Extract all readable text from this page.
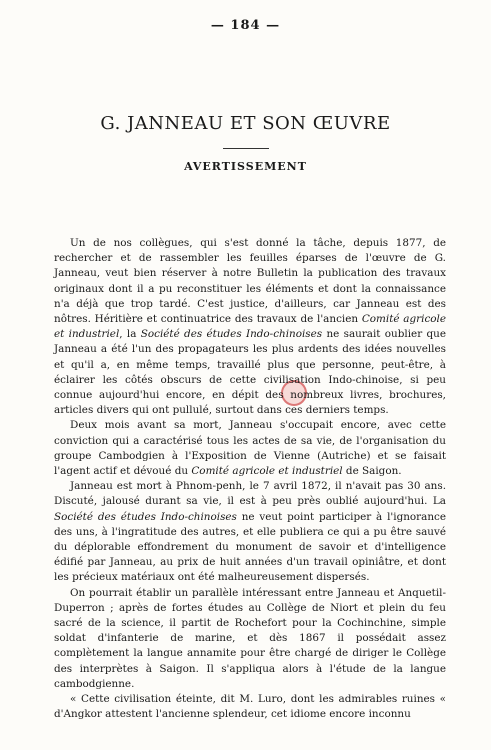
— 184 —
G. JANNEAU ET SON ŒUVRE
AVERTISSEMENT

Un de nos collègues, qui s'est donné la tâche, depuis 1877, de rechercher et de rassembler les feuilles éparses de l'œuvre de G. Janneau, veut bien réserver à notre Bulletin la publication des travaux originaux dont il a pu reconstituer les éléments et dont la connaissance n'a déjà que trop tardé. C'est justice, d'ailleurs, car Janneau est des nôtres. Héritière et continuatrice des travaux de l'ancien Comité agricole et industriel, la Société des études Indo-chinoises ne saurait oublier que Janneau a été l'un des propagateurs les plus ardents des idées nouvelles et qu'il a, en même temps, travaillé plus que personne, peut-être, à éclairer les côtés obscurs de cette civilisation Indo-chinoise, si peu connue aujourd'hui encore, en dépit des nombreux livres, brochures, articles divers qui ont pullulé, surtout dans ces derniers temps.

Deux mois avant sa mort, Janneau s'occupait encore, avec cette conviction qui a caractérisé tous les actes de sa vie, de l'organisation du groupe Cambodgien à l'Exposition de Vienne (Autriche) et se faisait l'agent actif et dévoué du Comité agricole et industriel de Saigon.

Janneau est mort à Phnom-penh, le 7 avril 1872, il n'avait pas 30 ans. Discuté, jalousé durant sa vie, il est à peu près oublié aujourd'hui. La Société des études Indo-chinoises ne veut point participer à l'ignorance des uns, à l'ingratitude des autres, et elle publiera ce qui a pu être sauvé du déplorable effondrement du monument de savoir et d'intelligence édifié par Janneau, au prix de huit années d'un travail opiniâtre, et dont les précieux matériaux ont été malheureusement dispersés.

On pourrait établir un parallèle intéressant entre Janneau et Anquetil-Duperron ; après de fortes études au Collège de Niort et plein du feu sacré de la science, il partit de Rochefort pour la Cochinchine, simple soldat d'infanterie de marine, et dès 1867 il possédait assez complètement la langue annamite pour être chargé de diriger le Collège des interprètes à Saigon. Il s'appliqua alors à l'étude de la langue cambodgienne.

« Cette civilisation éteinte, dit M. Luro, dont les admirables ruines « d'Angkor attestent l'ancienne splendeur, cet idiome encore inconnu
